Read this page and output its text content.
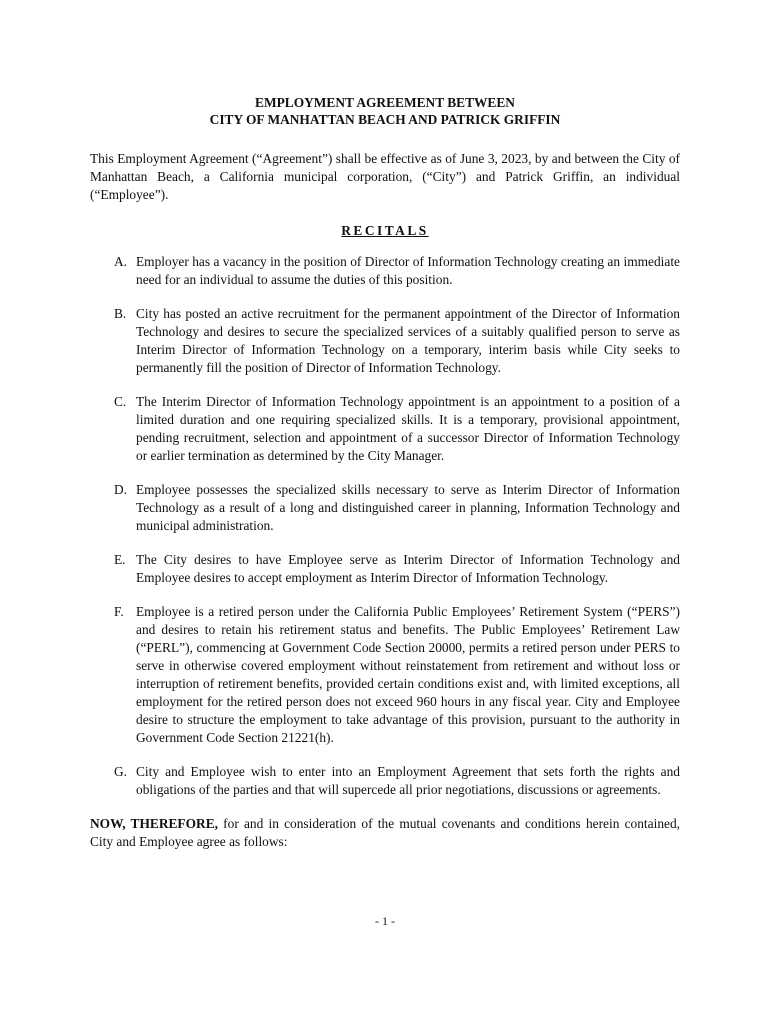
EMPLOYMENT AGREEMENT BETWEEN
CITY OF MANHATTAN BEACH AND PATRICK GRIFFIN

This Employment Agreement (“Agreement”) shall be effective as of June 3, 2023, by and between the City of Manhattan Beach, a California municipal corporation, (“City”) and Patrick Griffin, an individual (“Employee”).

RECITALS
A. Employer has a vacancy in the position of Director of Information Technology creating an immediate need for an individual to assume the duties of this position.
B. City has posted an active recruitment for the permanent appointment of the Director of Information Technology and desires to secure the specialized services of a suitably qualified person to serve as Interim Director of Information Technology on a temporary, interim basis while City seeks to permanently fill the position of Director of Information Technology.
C. The Interim Director of Information Technology appointment is an appointment to a position of a limited duration and one requiring specialized skills. It is a temporary, provisional appointment, pending recruitment, selection and appointment of a successor Director of Information Technology or earlier termination as determined by the City Manager.
D. Employee possesses the specialized skills necessary to serve as Interim Director of Information Technology as a result of a long and distinguished career in planning, Information Technology and municipal administration.
E. The City desires to have Employee serve as Interim Director of Information Technology and Employee desires to accept employment as Interim Director of Information Technology.
F. Employee is a retired person under the California Public Employees’ Retirement System (“PERS”) and desires to retain his retirement status and benefits. The Public Employees’ Retirement Law (“PERL”), commencing at Government Code Section 20000, permits a retired person under PERS to serve in otherwise covered employment without reinstatement from retirement and without loss or interruption of retirement benefits, provided certain conditions exist and, with limited exceptions, all employment for the retired person does not exceed 960 hours in any fiscal year. City and Employee desire to structure the employment to take advantage of this provision, pursuant to the authority in Government Code Section 21221(h).
G. City and Employee wish to enter into an Employment Agreement that sets forth the rights and obligations of the parties and that will supercede all prior negotiations, discussions or agreements.

NOW, THEREFORE, for and in consideration of the mutual covenants and conditions herein contained, City and Employee agree as follows:

- 1 -
